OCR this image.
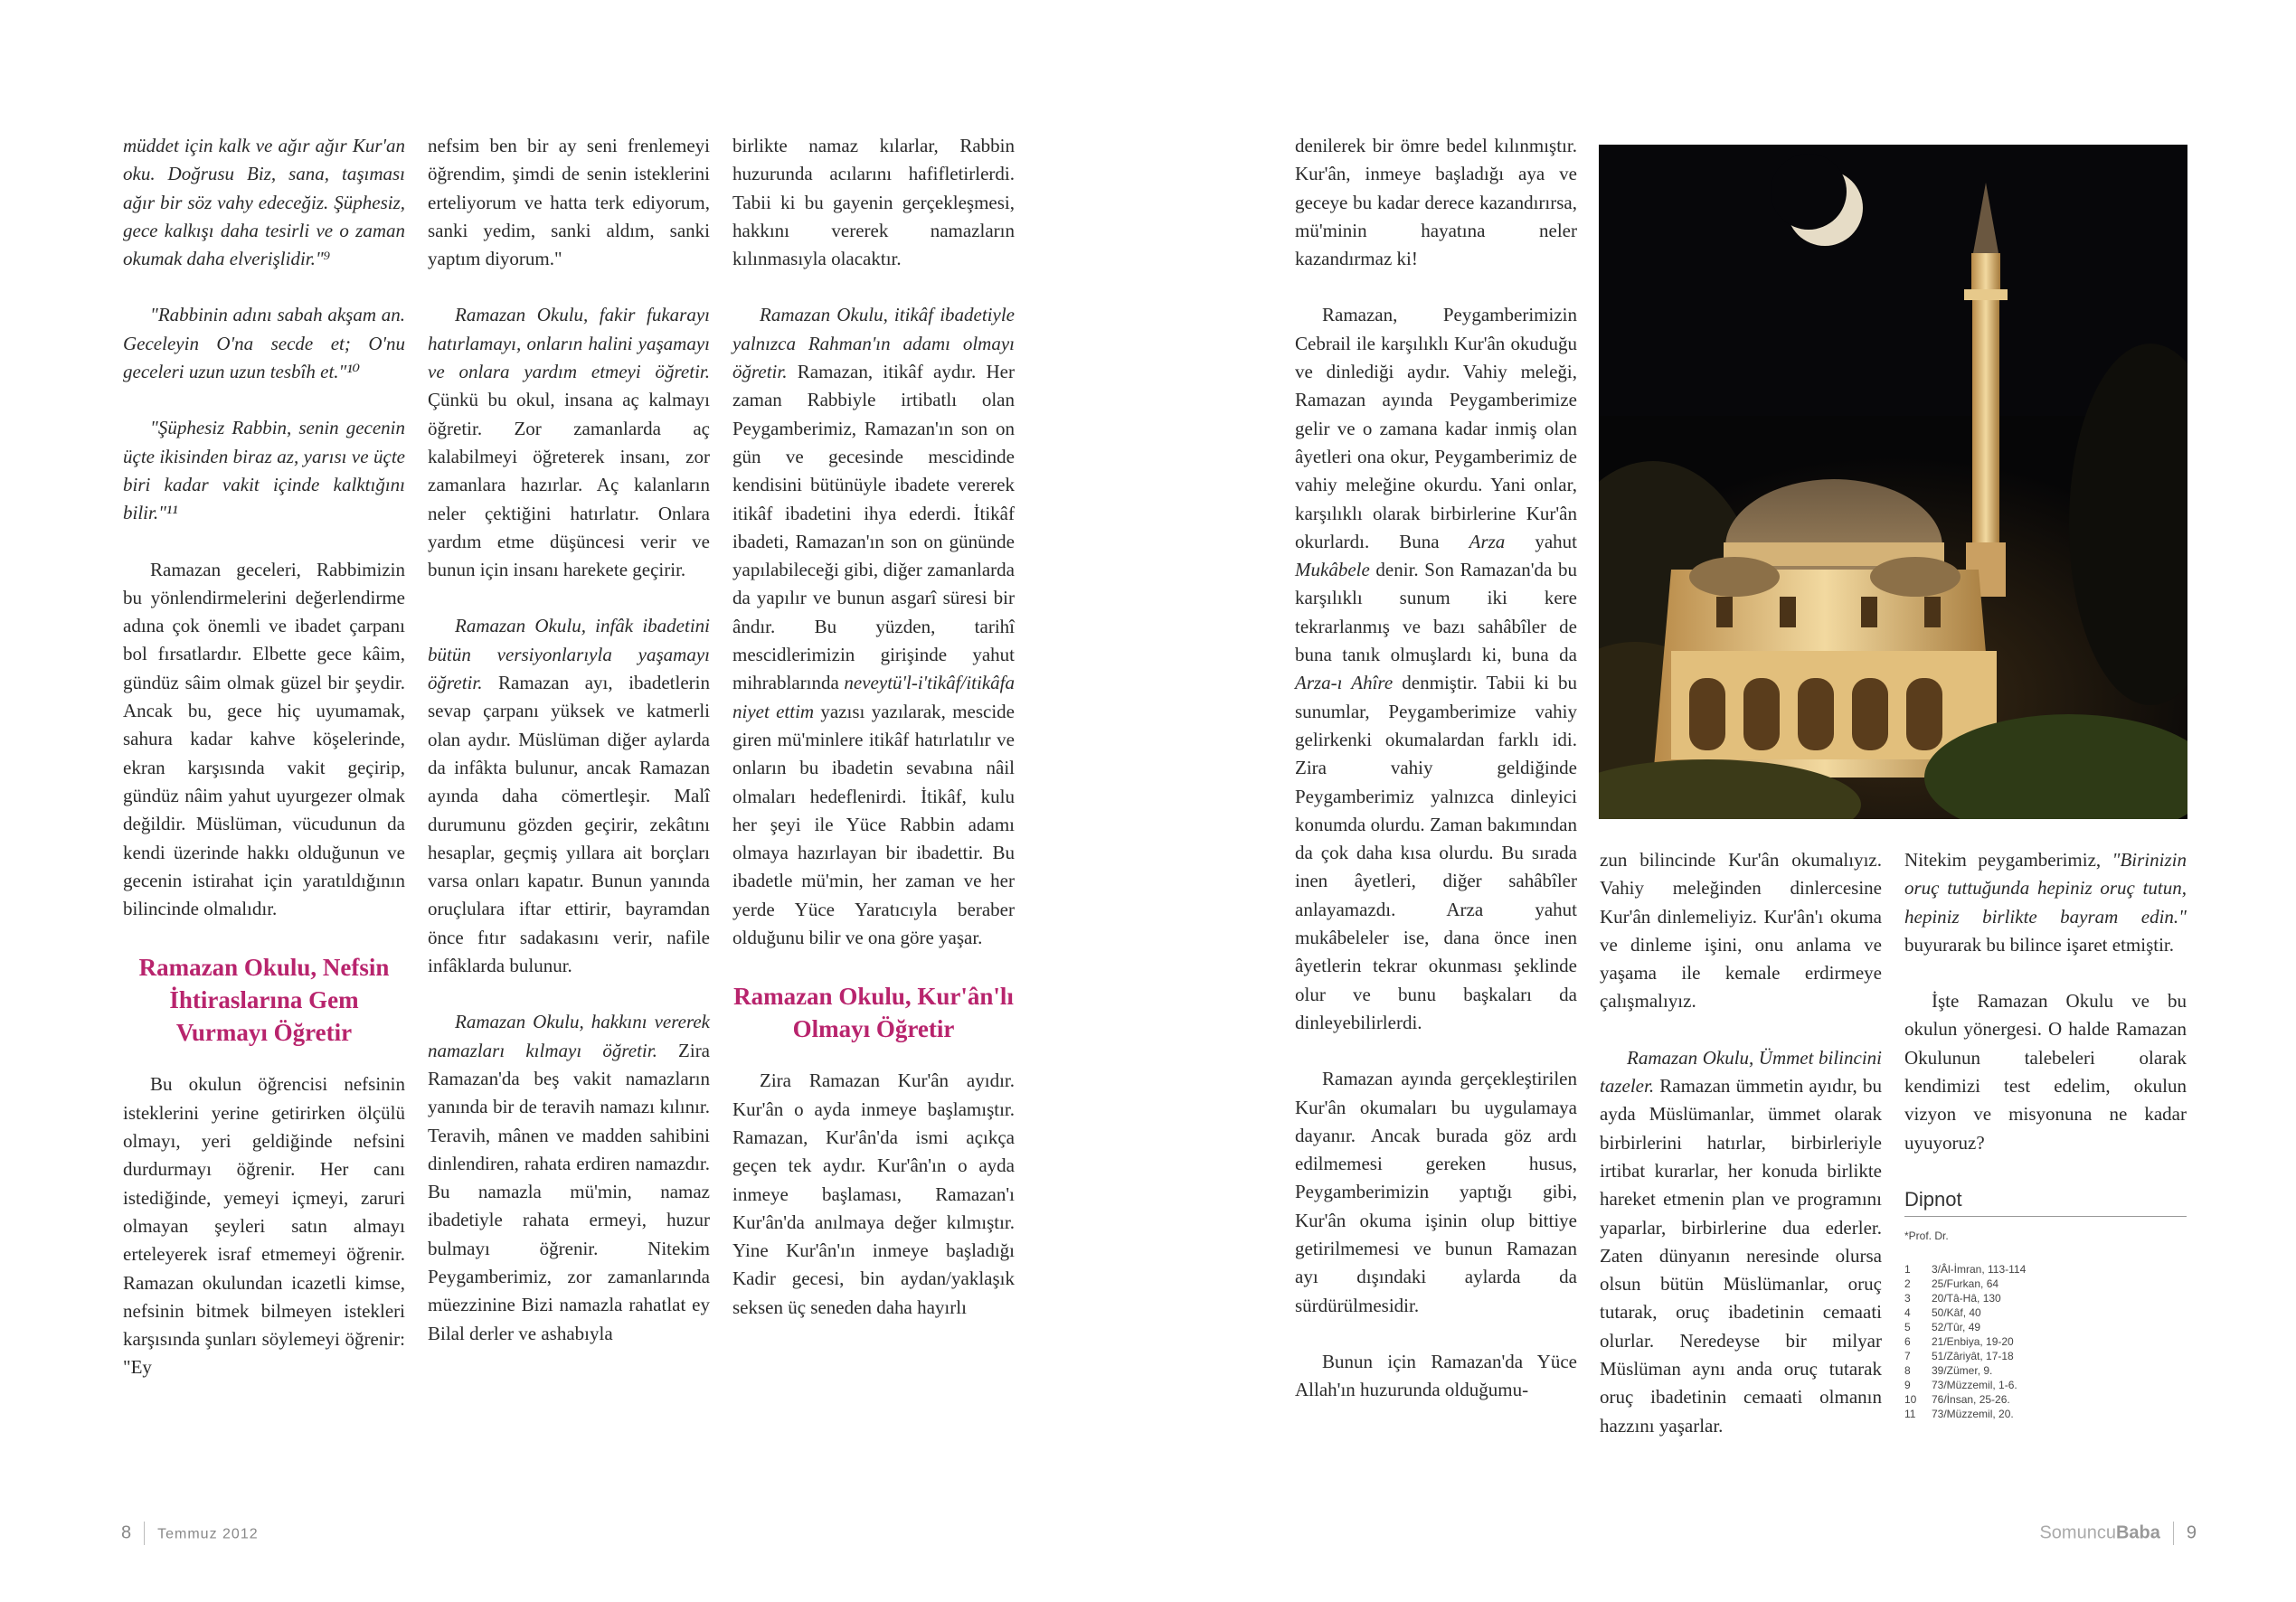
müddet için kalk ve ağır ağır Kur'an oku. Doğrusu Biz, sana, taşıması ağır bir söz vahy edeceğiz. Şüphesiz, gece kalkışı daha tesirli ve o zaman okumak daha elverişlidir."⁹

"Rabbinin adını sabah akşam an. Geceleyin O'na secde et; O'nu geceleri uzun uzun tesbîh et."¹⁰

"Şüphesiz Rabbin, senin gecenin üçte ikisinden biraz az, yarısı ve üçte biri kadar vakit içinde kalktığını bilir."¹¹

Ramazan geceleri, Rabbimizin bu yönlendirmelerini değerlendirme adına çok önemli ve ibadet çarpanı bol fırsatlardır. Elbette gece kâim, gündüz sâim olmak güzel bir şeydir. Ancak bu, gece hiç uyumamak, sahura kadar kahve köşelerinde, ekran karşısında vakit geçirip, gündüz nâim yahut uyurgezer olmak değildir. Müslüman, vücudunun da kendi üzerinde hakkı olduğunun ve gecenin istirahat için yaratıldığının bilincinde olmalıdır.

Ramazan Okulu, Nefsin İhtiraslarına Gem Vurmayı Öğretir

Bu okulun öğrencisi nefsinin isteklerini yerine getirirken ölçülü olmayı, yeri geldiğinde nefsini durdurmayı öğrenir. Her canı istediğinde, yemeyi içmeyi, zaruri olmayan şeyleri satın almayı erteleyerek israf etmemeyi öğrenir. Ramazan okulundan icazetli kimse, nefsinin bitmek bilmeyen istekleri karşısında şunları söylemeyi öğrenir: "Ey

nefsim ben bir ay seni frenlemeyi öğrendim, şimdi de senin isteklerini erteliyorum ve hatta terk ediyorum, sanki yedim, sanki aldım, sanki yaptım diyorum."

Ramazan Okulu, fakir fukarayı hatırlamayı, onların halini yaşamayı ve onlara yardım etmeyi öğretir. Çünkü bu okul, insana aç kalmayı öğretir. Zor zamanlarda aç kalabilmeyi öğreterek insanı, zor zamanlara hazırlar. Aç kalanların neler çektiğini hatırlatır. Onlara yardım etme düşüncesi verir ve bunun için insanı harekete geçirir.

Ramazan Okulu, infâk ibadetini bütün versiyonlarıyla yaşamayı öğretir. Ramazan ayı, ibadetlerin sevap çarpanı yüksek ve katmerli olan aydır. Müslüman diğer aylarda da infâkta bulunur, ancak Ramazan ayında daha cömertleşir. Malî durumunu gözden geçirir, zekâtını hesaplar, geçmiş yıllara ait borçları varsa onları kapatır. Bunun yanında oruçlulara iftar ettirir, bayramdan önce fıtır sadakasını verir, nafile infâklarda bulunur.

Ramazan Okulu, hakkını vererek namazları kılmayı öğretir. Zira Ramazan'da beş vakit namazların yanında bir de teravih namazı kılınır. Teravih, mânen ve madden sahibini dinlendiren, rahata erdiren namazdır. Bu namazla mü'min, namaz ibadetiyle rahata ermeyi, huzur bulmayı öğrenir. Nitekim Peygamberimiz, zor zamanlarında müezzinine Bizi namazla rahatlat ey Bilal derler ve ashabıyla

birlikte namaz kılarlar, Rabbin huzurunda acılarını hafifletirlerdi. Tabii ki bu gayenin gerçekleşmesi, hakkını vererek namazların kılınmasıyla olacaktır.

Ramazan Okulu, itikâf ibadetiyle yalnızca Rahman'ın adamı olmayı öğretir. Ramazan, itikâf aydır. Her zaman Rabbiyle irtibatlı olan Peygamberimiz, Ramazan'ın son on gün ve gecesinde mescidinde kendisini bütünüyle ibadete vererek itikâf ibadetini ihya ederdi. İtikâf ibadeti, Ramazan'ın son on gününde yapılabileceği gibi, diğer zamanlarda da yapılır ve bunun asgarî süresi bir ândır. Bu yüzden, tarihî mescidlerimizin girişinde yahut mihrablarında neveytü'l-i'tikâf/itikâfa niyet ettim yazısı yazılarak, mescide giren mü'minlere itikâf hatırlatılır ve onların bu ibadetin sevabına nâil olmaları hedeflenirdi. İtikâf, kulu her şeyi ile Yüce Rabbin adamı olmaya hazırlayan bir ibadettir. Bu ibadetle mü'min, her zaman ve her yerde Yüce Yaratıcıyla beraber olduğunu bilir ve ona göre yaşar.

Ramazan Okulu, Kur'ân'lı Olmayı Öğretir

Zira Ramazan Kur'ân ayıdır. Kur'ân o ayda inmeye başlamıştır. Ramazan, Kur'ân'da ismi açıkça geçen tek aydır. Kur'ân'ın o ayda inmeye başlaması, Ramazan'ı Kur'ân'da anılmaya değer kılmıştır. Yine Kur'ân'ın inmeye başladığı Kadir gecesi, bin aydan/yaklaşık seksen üç seneden daha hayırlı

denilerek bir ömre bedel kılınmıştır. Kur'ân, inmeye başladığı aya ve geceye bu kadar derece kazandırırsa, mü'minin hayatına neler kazandırmaz ki!

Ramazan, Peygamberimizin Cebrail ile karşılıklı Kur'ân okuduğu ve dinlediği aydır. Vahiy meleği, Ramazan ayında Peygamberimize gelir ve o zamana kadar inmiş olan âyetleri ona okur, Peygamberimiz de vahiy meleğine okurdu. Yani onlar, karşılıklı olarak birbirlerine Kur'ân okurlardı. Buna Arza yahut Mukâbele denir. Son Ramazan'da bu karşılıklı sunum iki kere tekrarlanmış ve bazı sahâbîler de buna tanık olmuşlardı ki, buna da Arza-ı Ahîre denmiştir. Tabii ki bu sunumlar, Peygamberimize vahiy gelirkenki okumalardan farklı idi. Zira vahiy geldiğinde Peygamberimiz yalnızca dinleyici konumda olurdu. Zaman bakımından da çok daha kısa olurdu. Bu sırada inen âyetleri, diğer sahâbîler anlayamazdı. Arza yahut mukâbeleler ise, dana önce inen âyetlerin tekrar okunması şeklinde olur ve bunu başkaları da dinleyebilirlerdi.

Ramazan ayında gerçekleştirilen Kur'ân okumaları bu uygulamaya dayanır. Ancak burada göz ardı edilmemesi gereken husus, Peygamberimizin yaptığı gibi, Kur'ân okuma işinin olup bittiye getirilmemesi ve bunun Ramazan ayı dışındaki aylarda da sürdürülmesidir.

Bunun için Ramazan'da Yüce Allah'ın huzurunda olduğumu-

zun bilincinde Kur'ân okumalıyız. Vahiy meleğinden dinlercesine Kur'ân dinlemeliyiz. Kur'ân'ı okuma ve dinleme işini, onu anlama ve yaşama ile kemale erdirmeye çalışmalıyız.

Ramazan Okulu, Ümmet bilincini tazeler. Ramazan ümmetin ayıdır, bu ayda Müslümanlar, ümmet olarak birbirlerini hatırlar, birbirleriyle irtibat kurarlar, her konuda birlikte hareket etmenin plan ve programını yaparlar, birbirlerine dua ederler. Zaten dünyanın neresinde olursa olsun bütün Müslümanlar, oruç tutarak, oruç ibadetinin cemaati olurlar. Neredeyse bir milyar Müslüman aynı anda oruç tutarak oruç ibadetinin cemaati olmanın hazzını yaşarlar.

Nitekim peygamberimiz, "Birinizin oruç tuttuğunda hepiniz oruç tutun, hepiniz birlikte bayram edin." buyurarak bu bilince işaret etmiştir.

İşte Ramazan Okulu ve bu okulun yönergesi. O halde Ramazan Okulunun talebeleri olarak kendimizi test edelim, okulun vizyon ve misyonuna ne kadar uyuyoruz?

Dipnot
*Prof. Dr.
1	3/Âl-İmran, 113-114
2	25/Furkan, 64
3	20/Tâ-Hâ, 130
4	50/Kâf, 40
5	52/Tûr, 49
6	21/Enbiya, 19-20
7	51/Zâriyât, 17-18
8	39/Zümer, 9.
9	73/Müzzemil, 1-6.
10	76/İnsan, 25-26.
11	73/Müzzemil, 20.
8 Temmuz 2012	SomuncuBaba 9
